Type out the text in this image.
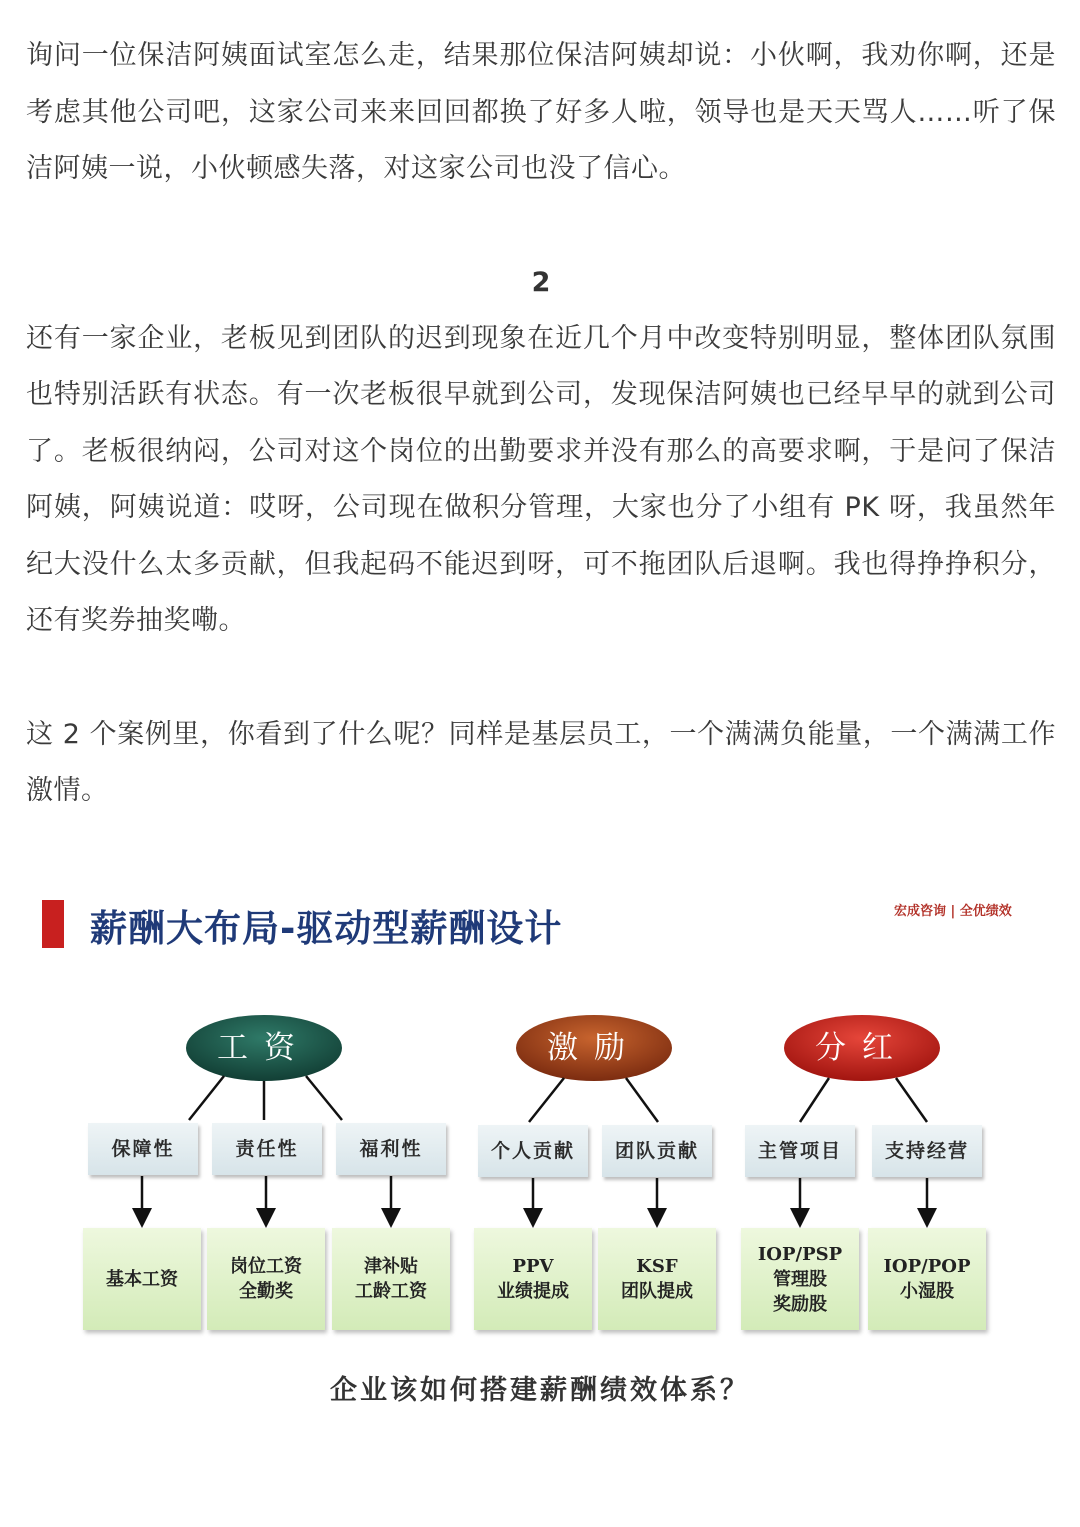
询问一位保洁阿姨面试室怎么走，结果那位保洁阿姨却说：小伙啊，我劝你啊，还是考虑其他公司吧，这家公司来来回回都换了好多人啦，领导也是天天骂人……听了保洁阿姨一说，小伙顿感失落，对这家公司也没了信心。

2

还有一家企业，老板见到团队的迟到现象在近几个月中改变特别明显，整体团队氛围也特别活跃有状态。有一次老板很早就到公司，发现保洁阿姨也已经早早的就到公司了。老板很纳闷，公司对这个岗位的出勤要求并没有那么的高要求啊，于是问了保洁阿姨，阿姨说道：哎呀，公司现在做积分管理，大家也分了小组有 PK 呀，我虽然年纪大没什么太多贡献，但我起码不能迟到呀，可不拖团队后退啊。我也得挣挣积分，还有奖券抽奖嘞。

这 2 个案例里，你看到了什么呢？同样是基层员工，一个满满负能量，一个满满工作激情。

薪酬大布局-驱动型薪酬设计	宏成咨询 | 全优绩效
工资	激励	分红
保障性	责任性	福利性	个人贡献	团队贡献	主管项目	支持经营
基本工资
岗位工资
全勤奖
津补贴
工龄工资
PPV
业绩提成
KSF
团队提成
IOP/PSP
管理股
奖励股
IOP/POP
小湿股
企业该如何搭建薪酬绩效体系？
